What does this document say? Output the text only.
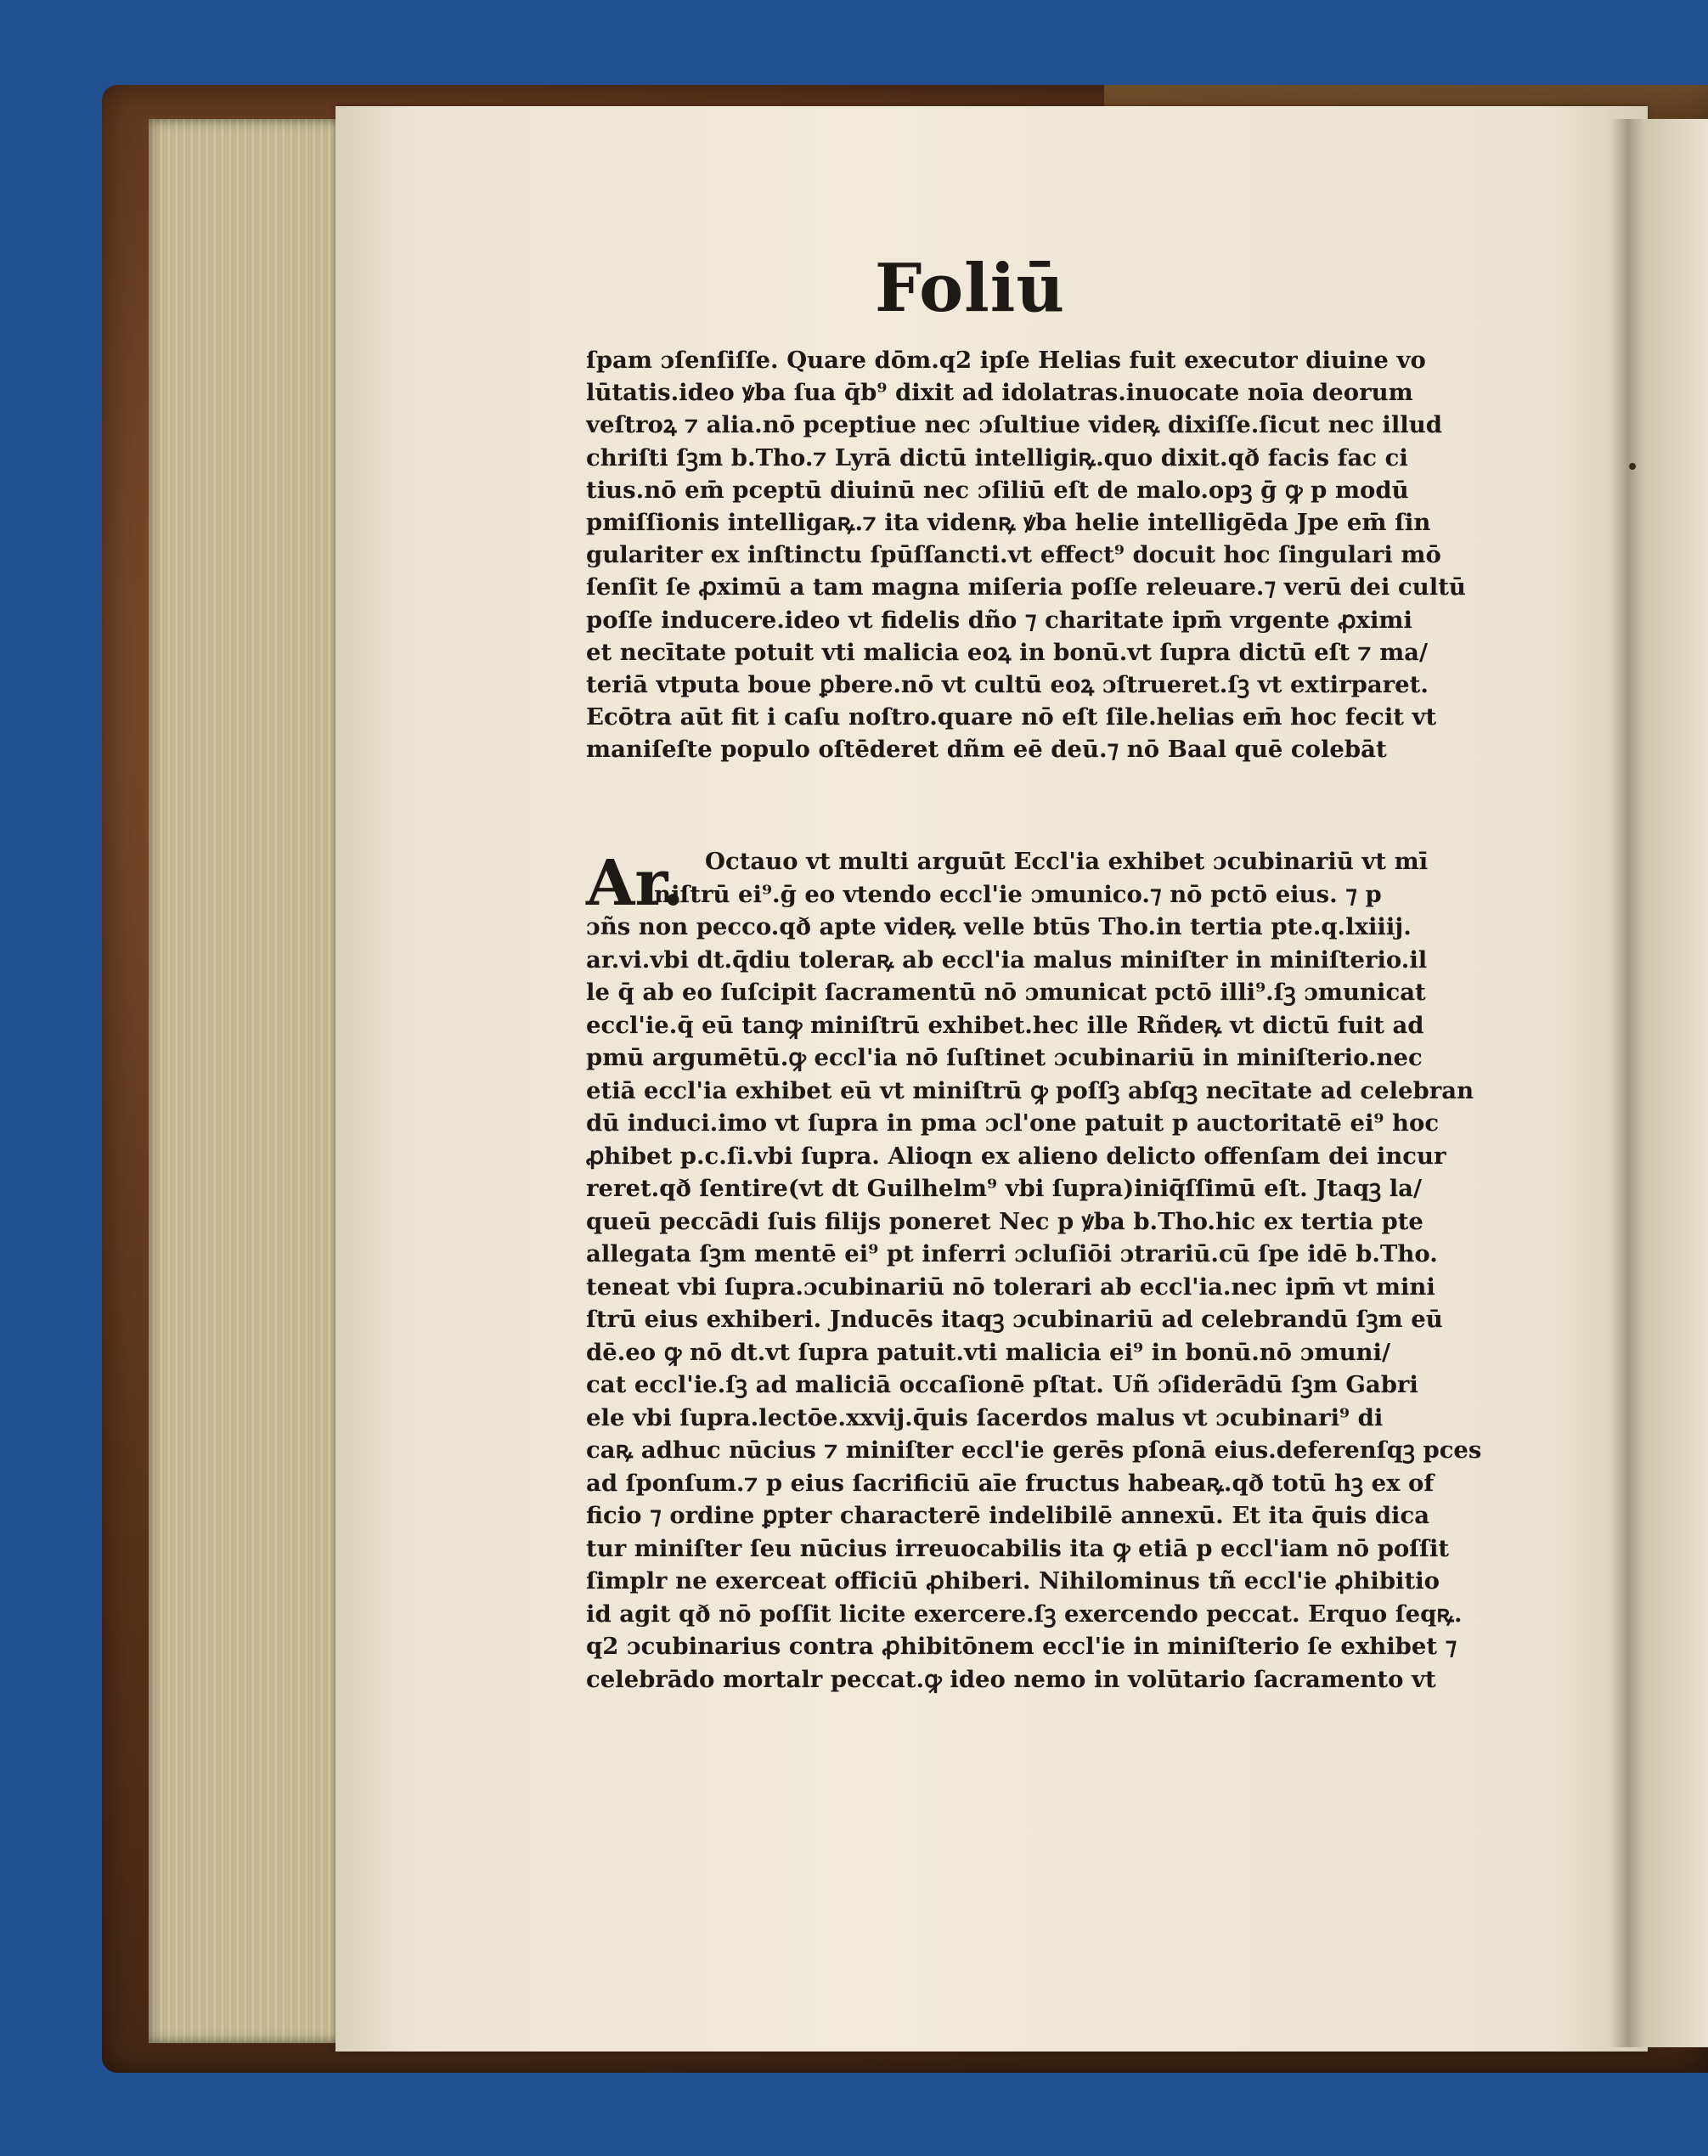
Foliū
ſpam ɔſenſiſſe. Quare dōm.q2 ipſe Helias fuit executor diuine vo
lūtatis.ideo ꝟba ſua q̄b⁹ dixit ad idolatras.inuocate noīa deorum
veſtroꝝ ⁊ alia.nō pceptiue nec ɔſultiue videꝶ dixiſſe.ſicut nec illud
chriſti ſꝫm b.Tho.⁊ Lyrā dictū intelligiꝶ.quo dixit.qð facis fac ci
tius.nō em̄ pceptū diuinū nec ɔſiliū eſt de malo.opꝫ ḡ ꝙ p modū
pmiſſionis intelligaꝶ.⁊ ita videnꝶ ꝟba helie intelligēda Jpe em̄ ſin
gulariter ex inſtinctu ſpūſſancti.vt effect⁹ docuit hoc ſingulari mō
ſenſit ſe ꝓximū a tam magna miſeria poſſe releuare.⁊ verū dei cultū
poſſe inducere.ideo vt fidelis dño ⁊ charitate ipm̄ vrgente ꝓximi
et necītate potuit vti malicia eoꝝ in bonū.vt ſupra dictū eſt ⁊ ma/
teriā vtputa boue ꝑbere.nō vt cultū eoꝝ ɔſtrueret.ſꝫ vt extirparet.
Ecōtra aūt fit i caſu noſtro.quare nō eſt ſile.helias em̄ hoc fecit vt
maniſeſte populo oſtēderet dñm eē deū.⁊ nō Baal quē colebāt
Ar. Octauo vt multi arguūt Eccl'ia exhibet ɔcubinariū vt mī
niſtrū ei⁹.ḡ eo vtendo eccl'ie ɔmunico.⁊ nō pctō eius. ⁊ p
ɔñs non pecco.qð apte videꝶ velle btūs Tho.in tertia pte.q.lxiiij.
ar.vi.vbi dt.q̄diu toleraꝶ ab eccl'ia malus miniſter in miniſterio.il
le q̄ ab eo ſuſcipit ſacramentū nō ɔmunicat pctō illi⁹.ſꝫ ɔmunicat
eccl'ie.q̄ eū tanꝙ miniſtrū exhibet.hec ille Rñdeꝶ vt dictū fuit ad
pmū argumētū.ꝙ eccl'ia nō ſuſtinet ɔcubinariū in miniſterio.nec
etiā eccl'ia exhibet eū vt miniſtrū ꝙ poſſꝫ abſqꝫ necītate ad celebran
dū induci.imo vt ſupra in pma ɔcl'one patuit p auctoritatē ei⁹ hoc
ꝓhibet p.c.ſi.vbi ſupra. Alioqn ex alieno delicto offenſam dei incur
reret.qð ſentire(vt dt Guilhelm⁹ vbi ſupra)iniq̄ſſimū eſt. Jtaqꝫ la/
queū peccādi ſuis filijs poneret Nec p ꝟba b.Tho.hic ex tertia pte
allegata ſꝫm mentē ei⁹ pt inferri ɔcluſiōi ɔtrariū.cū ſpe idē b.Tho.
teneat vbi ſupra.ɔcubinariū nō tolerari ab eccl'ia.nec ipm̄ vt mini
ſtrū eius exhiberi. Jnducēs itaqꝫ ɔcubinariū ad celebrandū ſꝫm eū
dē.eo ꝙ nō dt.vt ſupra patuit.vti malicia ei⁹ in bonū.nō ɔmuni/
cat eccl'ie.ſꝫ ad maliciā occaſionē pſtat. Uñ ɔſiderādū ſꝫm Gabri
ele vbi ſupra.lectōe.xxvij.q̄uis ſacerdos malus vt ɔcubinari⁹ di
caꝶ adhuc nūcius ⁊ miniſter eccl'ie gerēs pſonā eius.deferenſqꝫ pces
ad ſponſum.⁊ p eius ſacrificiū aīe fructus habeaꝶ.qð totū hꝫ ex of
ficio ⁊ ordine ꝑpter characterē indelibilē annexū. Et ita q̄uis dica
tur miniſter ſeu nūcius irreuocabilis ita ꝙ etiā p eccl'iam nō poſſit
ſimplr ne exerceat officiū ꝓhiberi. Nihilominus tñ eccl'ie ꝓhibitio
id agit qð nō poſſit licite exercere.ſꝫ exercendo peccat. Erquo ſeqꝶ.
q2 ɔcubinarius contra ꝓhibitōnem eccl'ie in miniſterio ſe exhibet ⁊
celebrādo mortalr peccat.ꝙ ideo nemo in volūtario ſacramento vt
